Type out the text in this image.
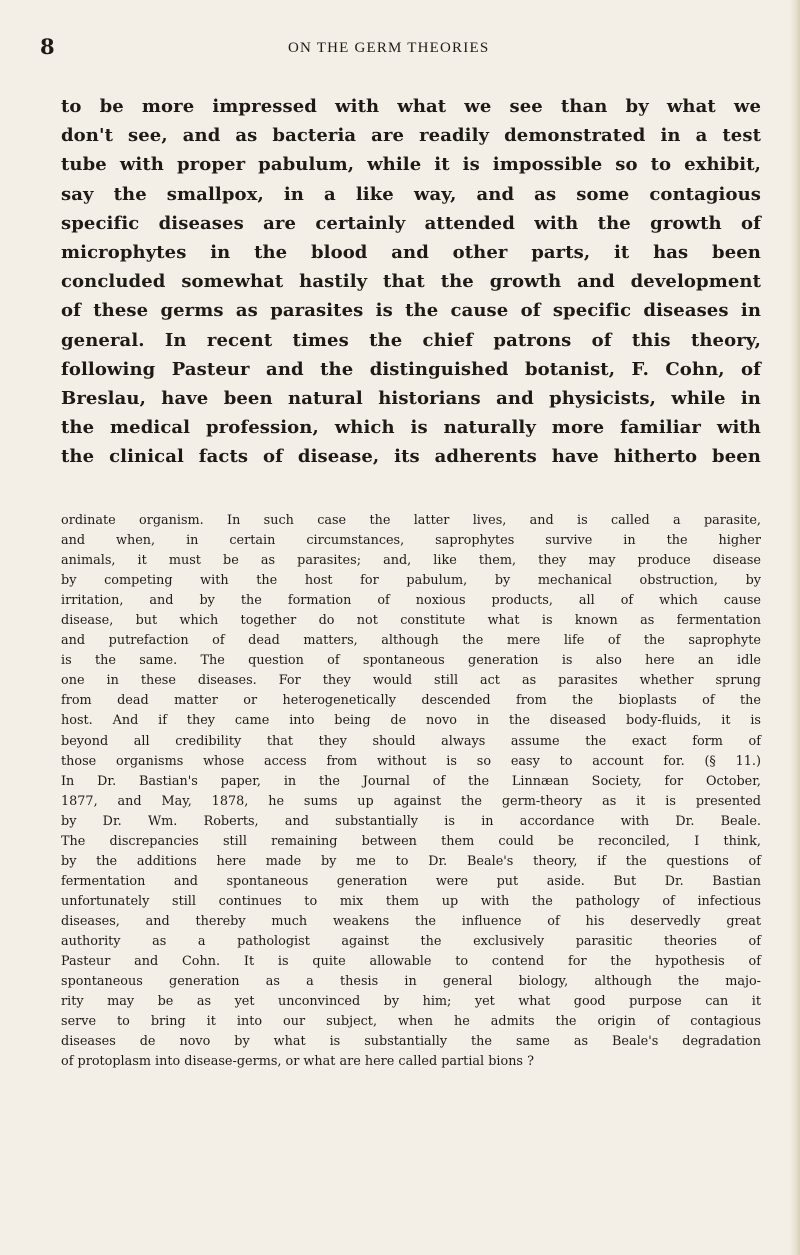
8	ON THE GERM THEORIES
to be more impressed with what we see than by what we
don't see, and as bacteria are readily demonstrated in a test
tube with proper pabulum, while it is impossible so to exhibit,
say the smallpox, in a like way, and as some contagious
specific diseases are certainly attended with the growth of
microphytes in the blood and other parts, it has been
concluded somewhat hastily that the growth and development
of these germs as parasites is the cause of specific diseases in
general. In recent times the chief patrons of this theory,
following Pasteur and the distinguished botanist, F. Cohn, of
Breslau, have been natural historians and physicists, while in
the medical profession, which is naturally more familiar with
the clinical facts of disease, its adherents have hitherto been
ordinate organism. In such case the latter lives, and is called a parasite,
and when, in certain circumstances, saprophytes survive in the higher
animals, it must be as parasites; and, like them, they may produce disease
by competing with the host for pabulum, by mechanical obstruction, by
irritation, and by the formation of noxious products, all of which cause
disease, but which together do not constitute what is known as fermentation
and putrefaction of dead matters, although the mere life of the saprophyte
is the same. The question of spontaneous generation is also here an idle
one in these diseases. For they would still act as parasites whether sprung
from dead matter or heterogenetically descended from the bioplasts of the
host. And if they came into being de novo in the diseased body-fluids, it is
beyond all credibility that they should always assume the exact form of
those organisms whose access from without is so easy to account for. (§ 11.)
In Dr. Bastian's paper, in the Journal of the Linnæan Society, for October,
1877, and May, 1878, he sums up against the germ-theory as it is presented
by Dr. Wm. Roberts, and substantially is in accordance with Dr. Beale.
The discrepancies still remaining between them could be reconciled, I think,
by the additions here made by me to Dr. Beale's theory, if the questions of
fermentation and spontaneous generation were put aside. But Dr. Bastian
unfortunately still continues to mix them up with the pathology of infectious
diseases, and thereby much weakens the influence of his deservedly great
authority as a pathologist against the exclusively parasitic theories of
Pasteur and Cohn. It is quite allowable to contend for the hypothesis of
spontaneous generation as a thesis in general biology, although the majo-
rity may be as yet unconvinced by him; yet what good purpose can it
serve to bring it into our subject, when he admits the origin of contagious
diseases de novo by what is substantially the same as Beale's degradation
of protoplasm into disease-germs, or what are here called partial bions ?
